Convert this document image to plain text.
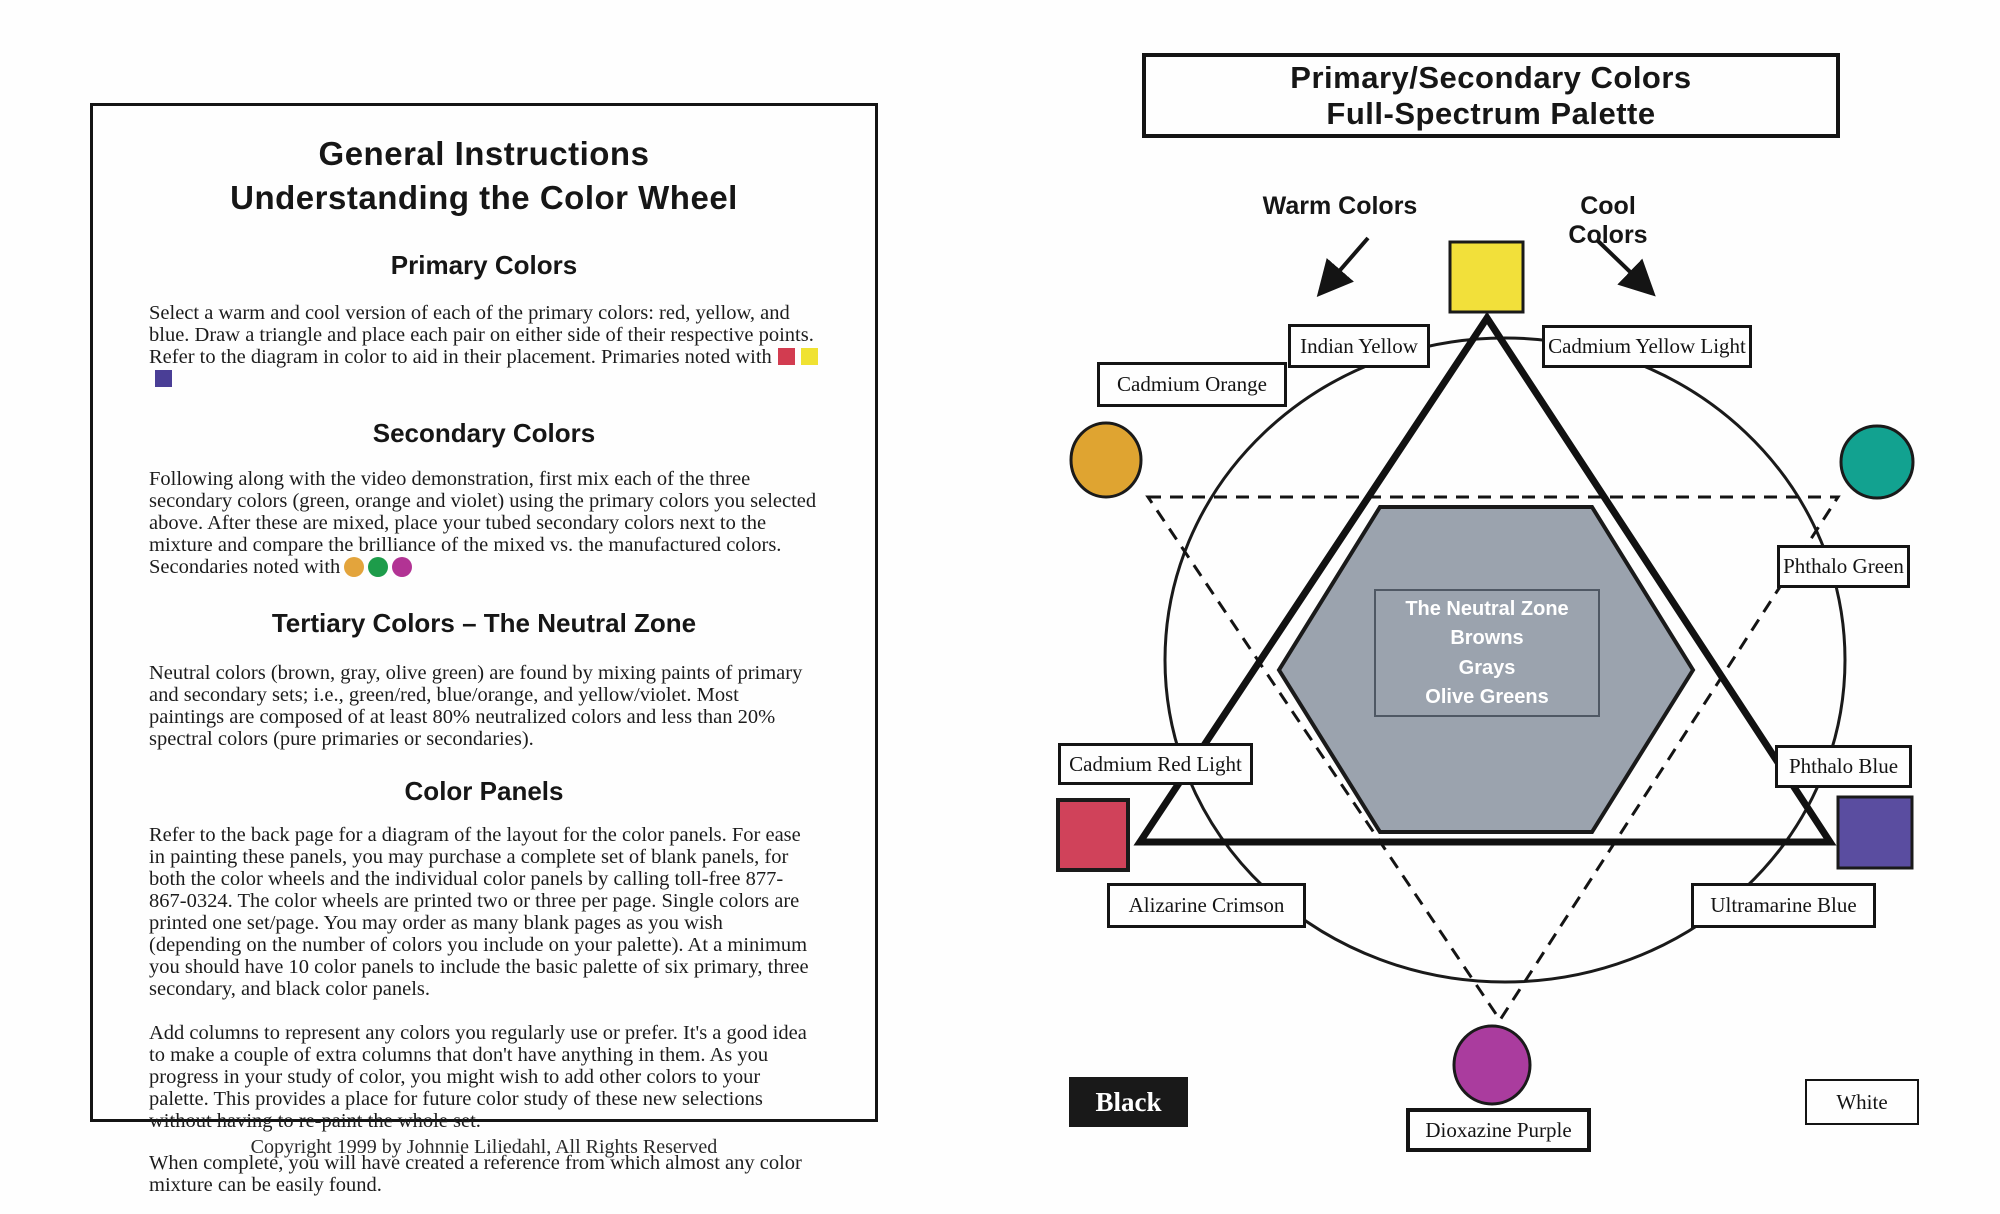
General Instructions
Understanding the Color Wheel
Primary Colors

Select a warm and cool version of each of the primary colors: red, yellow, and blue. Draw a triangle and place each pair on either side of their respective points. Refer to the diagram in color to aid in their placement. Primaries noted with

Secondary Colors

Following along with the video demonstration, first mix each of the three secondary colors (green, orange and violet) using the primary colors you selected above. After these are mixed, place your tubed secondary colors next to the mixture and compare the brilliance of the mixed vs. the manufactured colors. Secondaries noted with

Tertiary Colors – The Neutral Zone

Neutral colors (brown, gray, olive green) are found by mixing paints of primary and secondary sets; i.e., green/red, blue/orange, and yellow/violet. Most paintings are composed of at least 80% neutralized colors and less than 20% spectral colors (pure primaries or secondaries).

Color Panels

Refer to the back page for a diagram of the layout for the color panels. For ease in painting these panels, you may purchase a complete set of blank panels, for both the color wheels and the individual color panels by calling toll-free 877-867-0324. The color wheels are printed two or three per page. Single colors are printed one set/page. You may order as many blank pages as you wish (depending on the number of colors you include on your palette). At a minimum you should have 10 color panels to include the basic palette of six primary, three secondary, and black color panels.

Add columns to represent any colors you regularly use or prefer. It's a good idea to make a couple of extra columns that don't have anything in them. As you progress in your study of color, you might wish to add other colors to your palette. This provides a place for future color study of these new selections without having to re-paint the whole set.

When complete, you will have created a reference from which almost any color mixture can be easily found.

Copyright 1999 by Johnnie Liliedahl, All Rights Reserved
Primary/Secondary Colors
Full-Spectrum Palette
Warm Colors	Cool Colors
Indian Yellow	Cadmium Yellow Light
Cadmium Orange
Phthalo Green
Cadmium Red Light	Phthalo Blue
Alizarine Crimson	Ultramarine Blue
Dioxazine Purple
Black	White
The Neutral Zone
Browns
Grays
Olive Greens
